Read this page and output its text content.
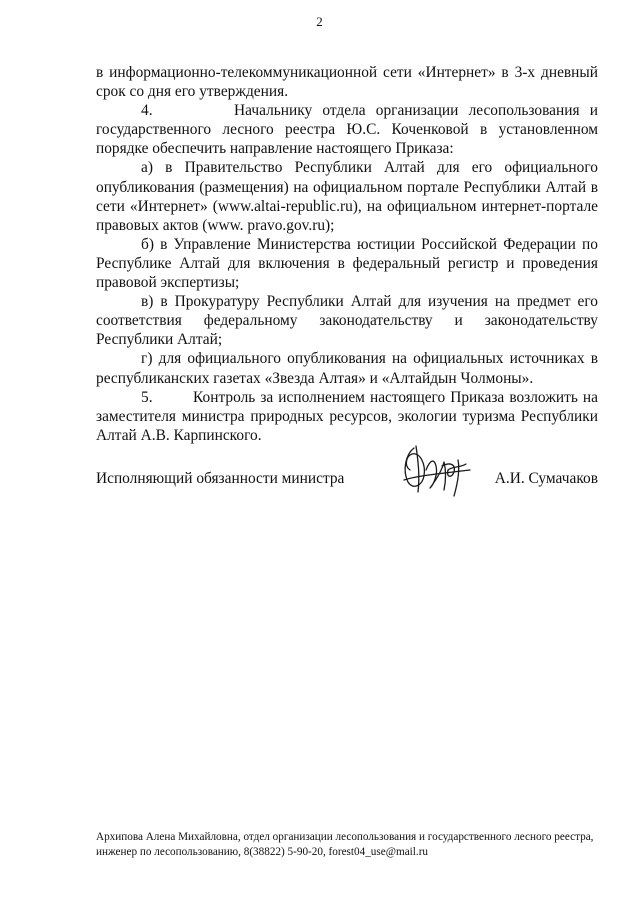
2

в информационно-телекоммуникационной сети «Интернет» в 3-х дневный срок со дня его утверждения.

4.        Начальнику отдела организации лесопользования и государственного лесного реестра Ю.С. Коченковой в установленном порядке обеспечить направление настоящего Приказа:

а) в Правительство Республики Алтай для его официального опубликования (размещения) на официальном портале Республики Алтай в сети «Интернет» (www.altai-republic.ru), на официальном интернет-портале правовых актов (www. pravo.gov.ru);

б) в Управление Министерства юстиции Российской Федерации по Республике Алтай для включения в федеральный регистр и проведения правовой экспертизы;

в) в Прокуратуру Республики Алтай для изучения на предмет его соответствия федеральному законодательству и законодательству Республики Алтай;

г) для официального опубликования на официальных источниках в республиканских газетах «Звезда Алтая» и «Алтайдын Чолмоны».

5.        Контроль за исполнением настоящего Приказа возложить на заместителя министра природных ресурсов, экологии туризма Республики Алтай А.В. Карпинского.

Исполняющий обязанности министра	А.И. Сумачаков

Архипова Алена Михайловна, отдел организации лесопользования и государственного лесного реестра,

инженер по лесопользованию, 8(38822) 5-90-20, forest04_use@mail.ru
